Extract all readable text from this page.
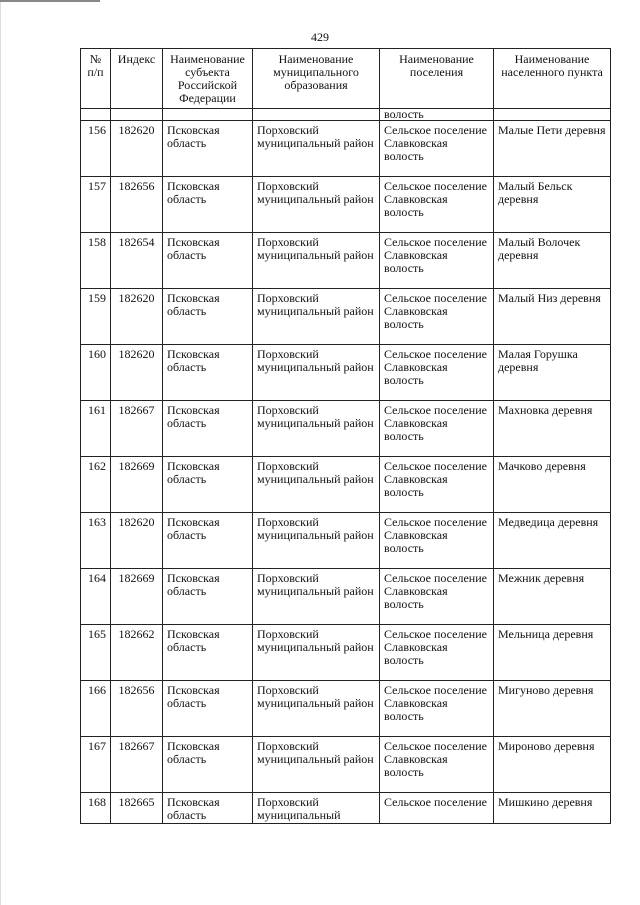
429
№ п/п	Индекс	Наименование субъекта Российской Федерации	Наименование муниципального образования	Наименование поселения	Наименование населенного пункта
				волость	
156	182620	Псковская область	Порховский муниципальный район	Сельское поселение Славковская волость	Малые Пети деревня
157	182656	Псковская область	Порховский муниципальный район	Сельское поселение Славковская волость	Малый Бельск деревня
158	182654	Псковская область	Порховский муниципальный район	Сельское поселение Славковская волость	Малый Волочек деревня
159	182620	Псковская область	Порховский муниципальный район	Сельское поселение Славковская волость	Малый Низ деревня
160	182620	Псковская область	Порховский муниципальный район	Сельское поселение Славковская волость	Малая Горушка деревня
161	182667	Псковская область	Порховский муниципальный район	Сельское поселение Славковская волость	Махновка деревня
162	182669	Псковская область	Порховский муниципальный район	Сельское поселение Славковская волость	Мачково деревня
163	182620	Псковская область	Порховский муниципальный район	Сельское поселение Славковская волость	Медведица деревня
164	182669	Псковская область	Порховский муниципальный район	Сельское поселение Славковская волость	Межник деревня
165	182662	Псковская область	Порховский муниципальный район	Сельское поселение Славковская волость	Мельница деревня
166	182656	Псковская область	Порховский муниципальный район	Сельское поселение Славковская волость	Мигуново деревня
167	182667	Псковская область	Порховский муниципальный район	Сельское поселение Славковская волость	Мироново деревня
168	182665	Псковская область	Порховский муниципальный	Сельское поселение	Мишкино деревня
